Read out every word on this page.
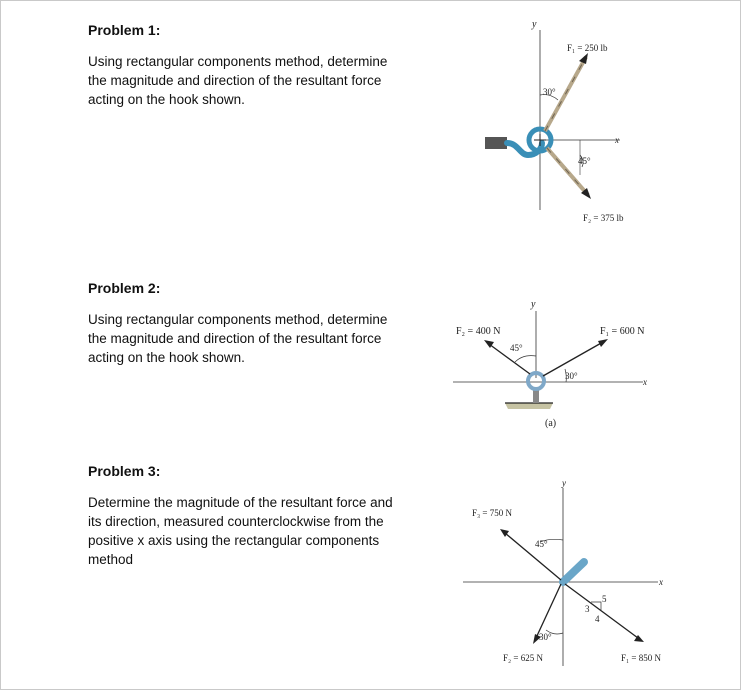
Problem 1:

Using rectangular components method, determine the magnitude and direction of the resultant force acting on the hook shown.

Problem 2:

Using rectangular components method, determine the magnitude and direction of the resultant force acting on the hook shown.

Problem 3:

Determine the magnitude of the resultant force and its direction, measured counterclockwise from the positive x axis using the rectangular components method

y
x
F₁ = 250 lb
30°
45°
F₂ = 375 lb
y
x
F₁ = 600 N
30°
F₂ = 400 N
45°
(a)
y
x
F₃ = 750 N
45°
30°
F₂ = 625 N	F₁ = 850 N
5
3
4
